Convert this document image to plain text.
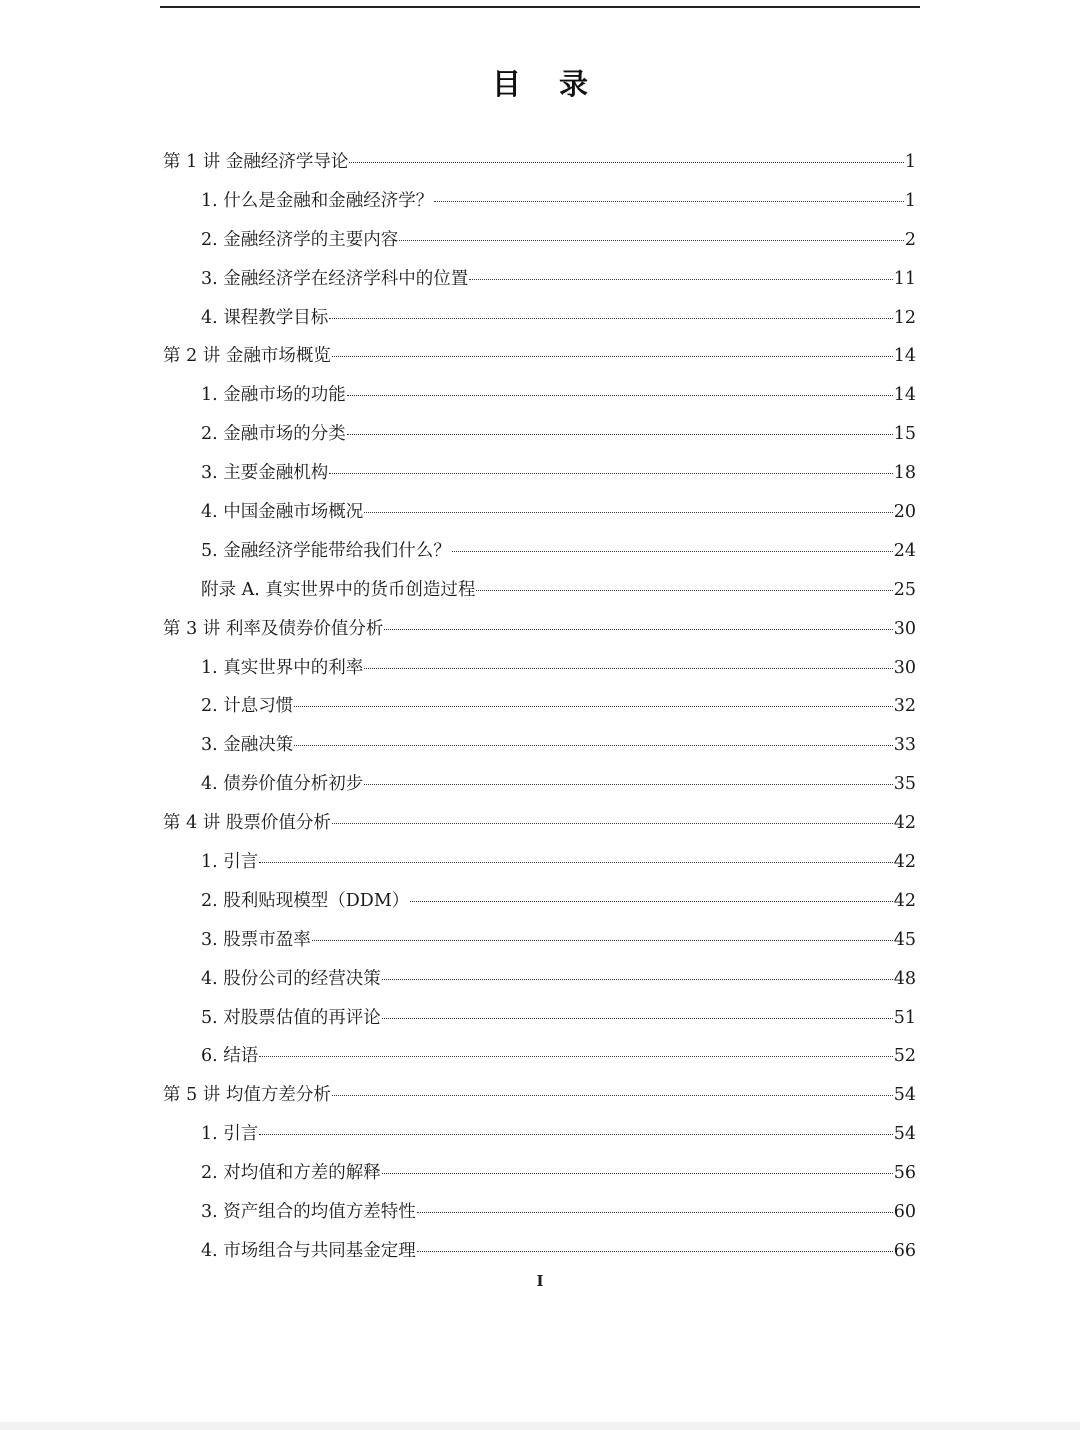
目 录
第 1 讲 金融经济学导论	1
1. 什么是金融和金融经济学？	1
2. 金融经济学的主要内容	2
3. 金融经济学在经济学科中的位置	11
4. 课程教学目标	12
第 2 讲 金融市场概览	14
1. 金融市场的功能	14
2. 金融市场的分类	15
3. 主要金融机构	18
4. 中国金融市场概况	20
5. 金融经济学能带给我们什么？	24
附录 A. 真实世界中的货币创造过程	25
第 3 讲 利率及债券价值分析	30
1. 真实世界中的利率	30
2. 计息习惯	32
3. 金融决策	33
4. 债券价值分析初步	35
第 4 讲 股票价值分析	42
1. 引言	42
2. 股利贴现模型（DDM）	42
3. 股票市盈率	45
4. 股份公司的经营决策	48
5. 对股票估值的再评论	51
6. 结语	52
第 5 讲 均值方差分析	54
1. 引言	54
2. 对均值和方差的解释	56
3. 资产组合的均值方差特性	60
4. 市场组合与共同基金定理	66
I
